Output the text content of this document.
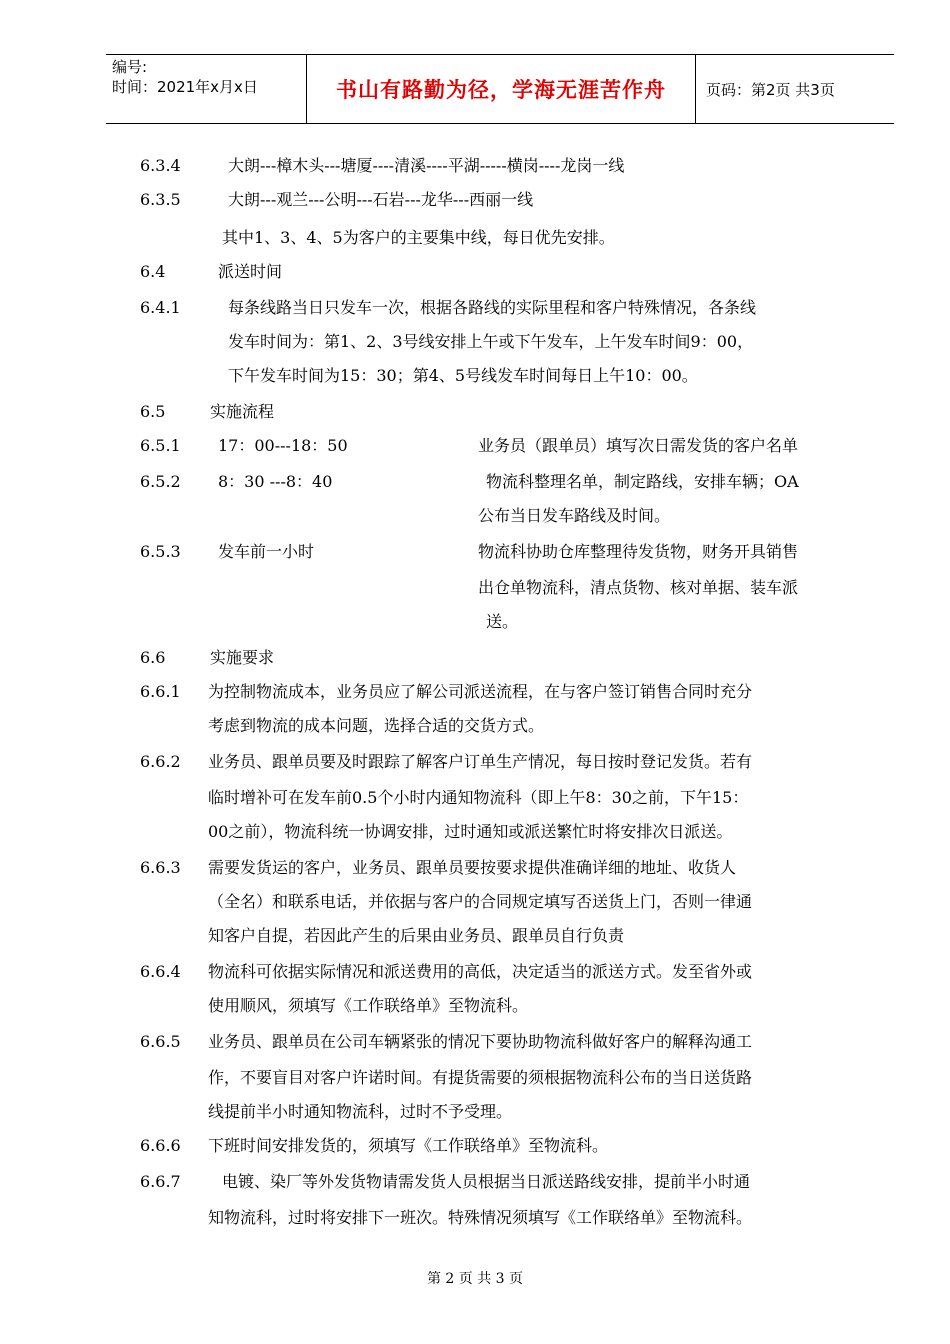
编号:
时间：2021年x月x日	书山有路勤为径，学海无涯苦作舟	页码：第2页 共3页
6.3.4	大朗---樟木头---塘厦----清溪----平湖-----横岗----龙岗一线
6.3.5	大朗---观兰---公明---石岩---龙华---西丽一线
其中1、3、4、5为客户的主要集中线，每日优先安排。
6.4	派送时间
6.4.1	每条线路当日只发车一次，根据各路线的实际里程和客户特殊情况，各条线
发车时间为：第1、2、3号线安排上午或下午发车，上午发车时间9：00，
下午发车时间为15：30；第4、5号线发车时间每日上午10：00。
6.5	实施流程
6.5.1 17：00---18：50	业务员（跟单员）填写次日需发货的客户名单
6.5.2 8：30 ---8：40	物流科整理名单，制定路线，安排车辆；OA
公布当日发车路线及时间。
6.5.3 发车前一小时	物流科协助仓库整理待发货物，财务开具销售
出仓单物流科，清点货物、核对单据、装车派
送。
6.6	实施要求
6.6.1 为控制物流成本，业务员应了解公司派送流程，在与客户签订销售合同时充分
考虑到物流的成本问题，选择合适的交货方式。
6.6.2 业务员、跟单员要及时跟踪了解客户订单生产情况，每日按时登记发货。若有
临时增补可在发车前0.5个小时内通知物流科（即上午8：30之前，下午15：
00之前），物流科统一协调安排，过时通知或派送繁忙时将安排次日派送。
6.6.3 需要发货运的客户，业务员、跟单员要按要求提供准确详细的地址、收货人
（全名）和联系电话，并依据与客户的合同规定填写否送货上门，否则一律通
知客户自提，若因此产生的后果由业务员、跟单员自行负责
6.6.4 物流科可依据实际情况和派送费用的高低，决定适当的派送方式。发至省外或
使用顺风，须填写《工作联络单》至物流科。
6.6.5 业务员、跟单员在公司车辆紧张的情况下要协助物流科做好客户的解释沟通工
作，不要盲目对客户许诺时间。有提货需要的须根据物流科公布的当日送货路
线提前半小时通知物流科，过时不予受理。
6.6.6 下班时间安排发货的，须填写《工作联络单》至物流科。
6.6.7	电镀、染厂等外发货物请需发货人员根据当日派送路线安排，提前半小时通
知物流科，过时将安排下一班次。特殊情况须填写《工作联络单》至物流科。
第 2 页 共 3 页
